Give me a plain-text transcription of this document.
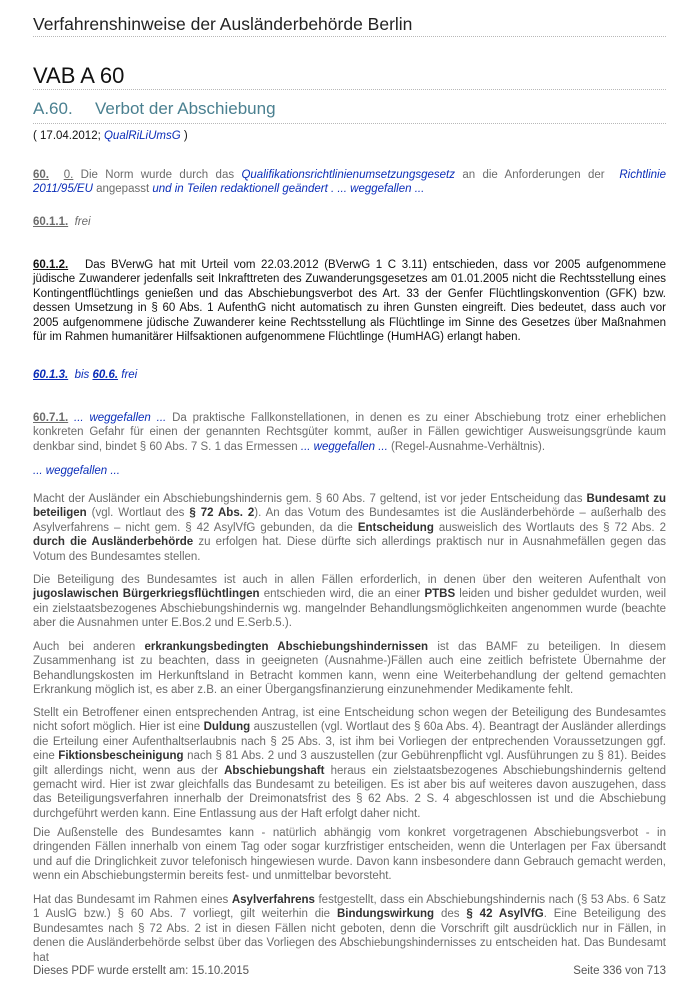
Verfahrenshinweise der Ausländerbehörde Berlin
VAB A 60
A.60. Verbot der Abschiebung
( 17.04.2012; QualRiLiUmsG )

60. 0. Die Norm wurde durch das Qualifikationsrichtlinienumsetzungsgesetz an die Anforderungen der Richtlinie 2011/95/EU angepasst und in Teilen redaktionell geändert . ... weggefallen ...

60.1.1. frei

60.1.2. Das BVerwG hat mit Urteil vom 22.03.2012 (BVerwG 1 C 3.11) entschieden, dass vor 2005 aufgenommene jüdische Zuwanderer jedenfalls seit Inkrafttreten des Zuwanderungsgesetzes am 01.01.2005 nicht die Rechtsstellung eines Kontingentflüchtlings genießen und das Abschiebungsverbot des Art. 33 der Genfer Flüchtlingskonvention (GFK) bzw. dessen Umsetzung in § 60 Abs. 1 AufenthG nicht automatisch zu ihren Gunsten eingreift. Dies bedeutet, dass auch vor 2005 aufgenommene jüdische Zuwanderer keine Rechtsstellung als Flüchtlinge im Sinne des Gesetzes über Maßnahmen für im Rahmen humanitärer Hilfsaktionen aufgenommene Flüchtlinge (HumHAG) erlangt haben.

60.1.3. bis 60.6. frei

60.7.1. ... weggefallen ... Da praktische Fallkonstellationen, in denen es zu einer Abschiebung trotz einer erheblichen konkreten Gefahr für einen der genannten Rechtsgüter kommt, außer in Fällen gewichtiger Ausweisungsgründe kaum denkbar sind, bindet § 60 Abs. 7 S. 1 das Ermessen ... weggefallen ... (Regel-Ausnahme-Verhältnis).

... weggefallen ...

Macht der Ausländer ein Abschiebungshindernis gem. § 60 Abs. 7 geltend, ist vor jeder Entscheidung das Bundesamt zu beteiligen (vgl. Wortlaut des § 72 Abs. 2). An das Votum des Bundesamtes ist die Ausländerbehörde – außerhalb des Asylverfahrens – nicht gem. § 42 AsylVfG gebunden, da die Entscheidung ausweislich des Wortlauts des § 72 Abs. 2 durch die Ausländerbehörde zu erfolgen hat. Diese dürfte sich allerdings praktisch nur in Ausnahmefällen gegen das Votum des Bundesamtes stellen.

Die Beteiligung des Bundesamtes ist auch in allen Fällen erforderlich, in denen über den weiteren Aufenthalt von jugoslawischen Bürgerkriegsflüchtlingen entschieden wird, die an einer PTBS leiden und bisher geduldet wurden, weil ein zielstaatsbezogenes Abschiebungshindernis wg. mangelnder Behandlungsmöglichkeiten angenommen wurde (beachte aber die Ausnahmen unter E.Bos.2 und E.Serb.5.).

Auch bei anderen erkrankungsbedingten Abschiebungshindernissen ist das BAMF zu beteiligen. In diesem Zusammenhang ist zu beachten, dass in geeigneten (Ausnahme-)Fällen auch eine zeitlich befristete Übernahme der Behandlungskosten im Herkunftsland in Betracht kommen kann, wenn eine Weiterbehandlung der geltend gemachten Erkrankung möglich ist, es aber z.B. an einer Übergangsfinanzierung einzunehmender Medikamente fehlt.

Stellt ein Betroffener einen entsprechenden Antrag, ist eine Entscheidung schon wegen der Beteiligung des Bundesamtes nicht sofort möglich. Hier ist eine Duldung auszustellen (vgl. Wortlaut des § 60a Abs. 4). Beantragt der Ausländer allerdings die Erteilung einer Aufenthaltserlaubnis nach § 25 Abs. 3, ist ihm bei Vorliegen der entprechenden Voraussetzungen ggf. eine Fiktionsbescheinigung nach § 81 Abs. 2 und 3 auszustellen (zur Gebührenpflicht vgl. Ausführungen zu § 81). Beides gilt allerdings nicht, wenn aus der Abschiebungshaft heraus ein zielstaatsbezogenes Abschiebungshindernis geltend gemacht wird. Hier ist zwar gleichfalls das Bundesamt zu beteiligen. Es ist aber bis auf weiteres davon auszugehen, dass das Beteiligungsverfahren innerhalb der Dreimonatsfrist des § 62 Abs. 2 S. 4 abgeschlossen ist und die Abschiebung durchgeführt werden kann. Eine Entlassung aus der Haft erfolgt daher nicht.

Die Außenstelle des Bundesamtes kann - natürlich abhängig vom konkret vorgetragenen Abschiebungsverbot - in dringenden Fällen innerhalb von einem Tag oder sogar kurzfristiger entscheiden, wenn die Unterlagen per Fax übersandt und auf die Dringlichkeit zuvor telefonisch hingewiesen wurde. Davon kann insbesondere dann Gebrauch gemacht werden, wenn ein Abschiebungstermin bereits fest- und unmittelbar bevorsteht.

Hat das Bundesamt im Rahmen eines Asylverfahrens festgestellt, dass ein Abschiebungshindernis nach (§ 53 Abs. 6 Satz 1 AuslG bzw.) § 60 Abs. 7 vorliegt, gilt weiterhin die Bindungswirkung des § 42 AsylVfG. Eine Beteiligung des Bundesamtes nach § 72 Abs. 2 ist in diesen Fällen nicht geboten, denn die Vorschrift gilt ausdrücklich nur in Fällen, in denen die Ausländerbehörde selbst über das Vorliegen des Abschiebungshindernisses zu entscheiden hat. Das Bundesamt hat

Dieses PDF wurde erstellt am: 15.10.2015	Seite 336 von 713
